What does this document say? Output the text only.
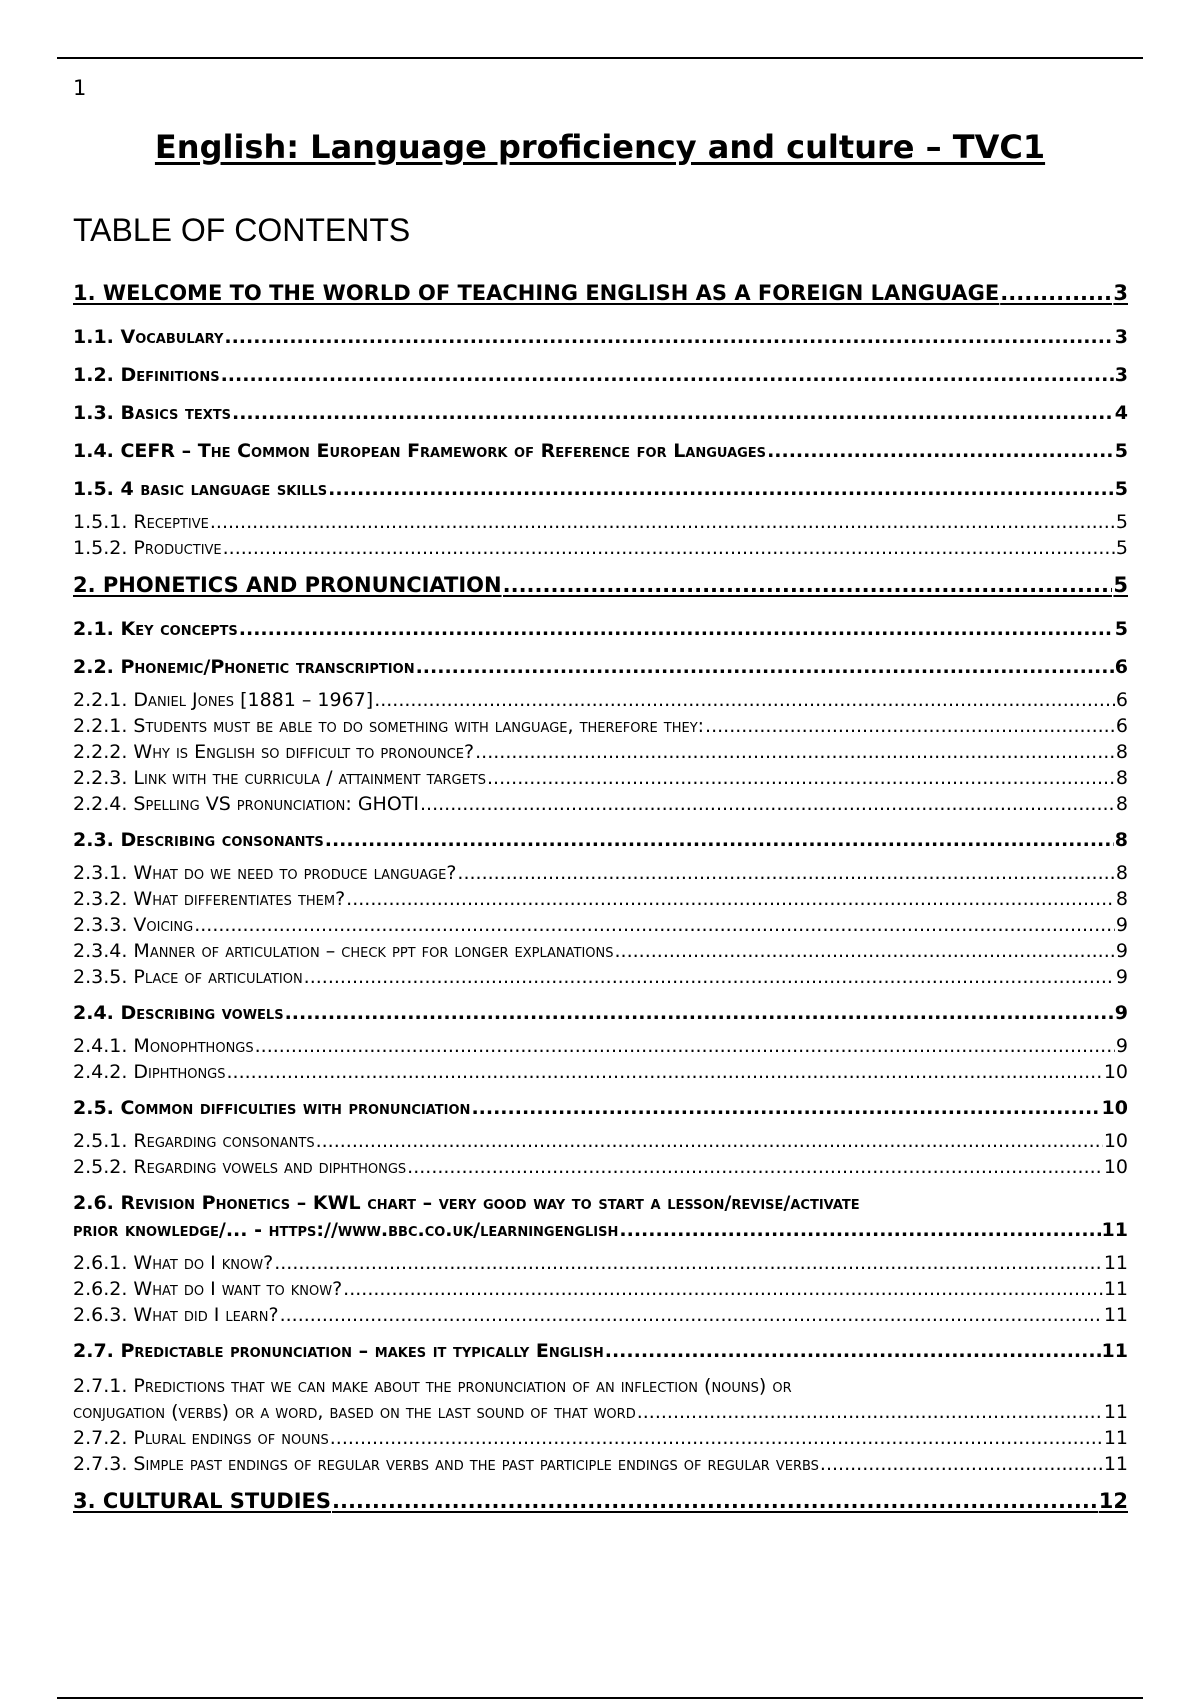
1
English: Language proficiency and culture – TVC1
TABLE OF CONTENTS
1. WELCOME TO THE WORLD OF TEACHING ENGLISH AS A FOREIGN LANGUAGE .....	3
1.1. Vocabulary .....	3
1.2. Definitions .....	3
1.3. Basics texts .....	4
1.4. CEFR – The Common European Framework of Reference for Languages .....	5
1.5. 4 basic language skills .....	5
1.5.1. Receptive .....	5
1.5.2. Productive .....	5
2. PHONETICS AND PRONUNCIATION .....	5
2.1. Key concepts .....	5
2.2. Phonemic/Phonetic transcription .....	6
2.2.1. Daniel Jones [1881 – 1967] .....	6
2.2.1. Students must be able to do something with language, therefore they: .....	6
2.2.2. Why is English so difficult to pronounce? .....	8
2.2.3. Link with the curricula / attainment targets .....	8
2.2.4. Spelling VS pronunciation: GHOTI .....	8
2.3. Describing consonants .....	8
2.3.1. What do we need to produce language? .....	8
2.3.2. What differentiates them? .....	8
2.3.3. Voicing .....	9
2.3.4. Manner of articulation – check ppt for longer explanations .....	9
2.3.5. Place of articulation .....	9
2.4. Describing vowels .....	9
2.4.1. Monophthongs .....	9
2.4.2. Diphthongs .....	10
2.5. Common difficulties with pronunciation .....	10
2.5.1. Regarding consonants .....	10
2.5.2. Regarding vowels and diphthongs .....	10
2.6. Revision Phonetics – KWL chart – very good way to start a lesson/revise/activate
prior knowledge/... - https://www.bbc.co.uk/learningenglish .....	11
2.6.1. What do I know? .....	11
2.6.2. What do I want to know? .....	11
2.6.3. What did I learn? .....	11
2.7. Predictable pronunciation – makes it typically English .....	11
2.7.1. Predictions that we can make about the pronunciation of an inflection (nouns) or
conjugation (verbs) or a word, based on the last sound of that word .....	11
2.7.2. Plural endings of nouns .....	11
2.7.3. Simple past endings of regular verbs and the past participle endings of regular verbs .....	11
3. CULTURAL STUDIES .....	12
